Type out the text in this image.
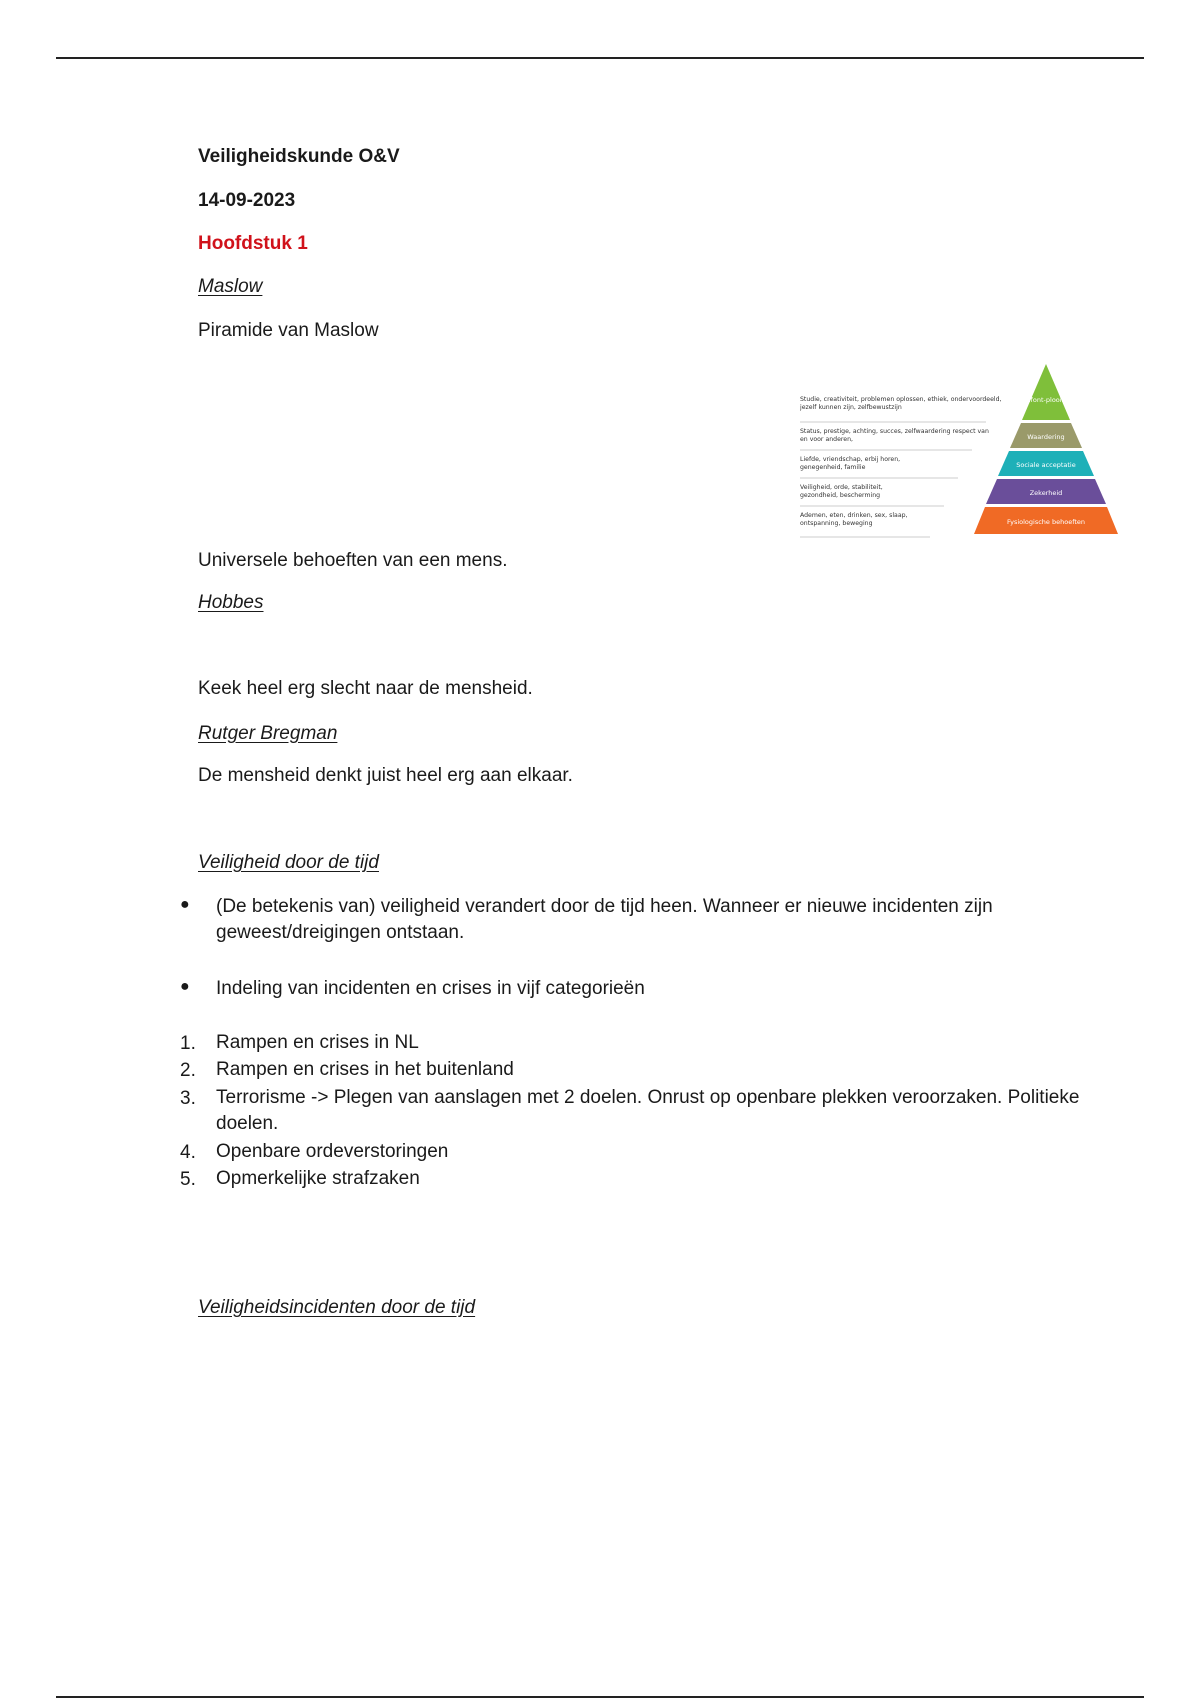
Veiligheidskunde O&V

14-09-2023

Hoofdstuk 1

Maslow

Piramide van Maslow

Zelfont-plooiing
Waardering
Sociale acceptatie
Zekerheid
Fysiologische behoeften
Studie, creativiteit, problemen oplossen, ethiek, ondervoordeeld, jezelf kunnen zijn, zelfbewustzijn
Status, prestige, achting, succes, zelfwaardering respect van en voor anderen,
Liefde, vriendschap, erbij horen, genegenheid, familie
Veiligheid, orde, stabiliteit, gezondheid, bescherming
Ademen, eten, drinken, sex, slaap, ontspanning, beweging

Universele behoeften van een mens.

Hobbes

Keek heel erg slecht naar de mensheid.

Rutger Bregman

De mensheid denkt juist heel erg aan elkaar.

Veiligheid door de tijd

● (De betekenis van) veiligheid verandert door de tijd heen. Wanneer er nieuwe incidenten zijn geweest/dreigingen ontstaan.

● Indeling van incidenten en crises in vijf categorieën

1. Rampen en crises in NL

2. Rampen en crises in het buitenland

3. Terrorisme -> Plegen van aanslagen met 2 doelen. Onrust op openbare plekken veroorzaken. Politieke doelen.

4. Openbare ordeverstoringen

5. Opmerkelijke strafzaken

Veiligheidsincidenten door de tijd
